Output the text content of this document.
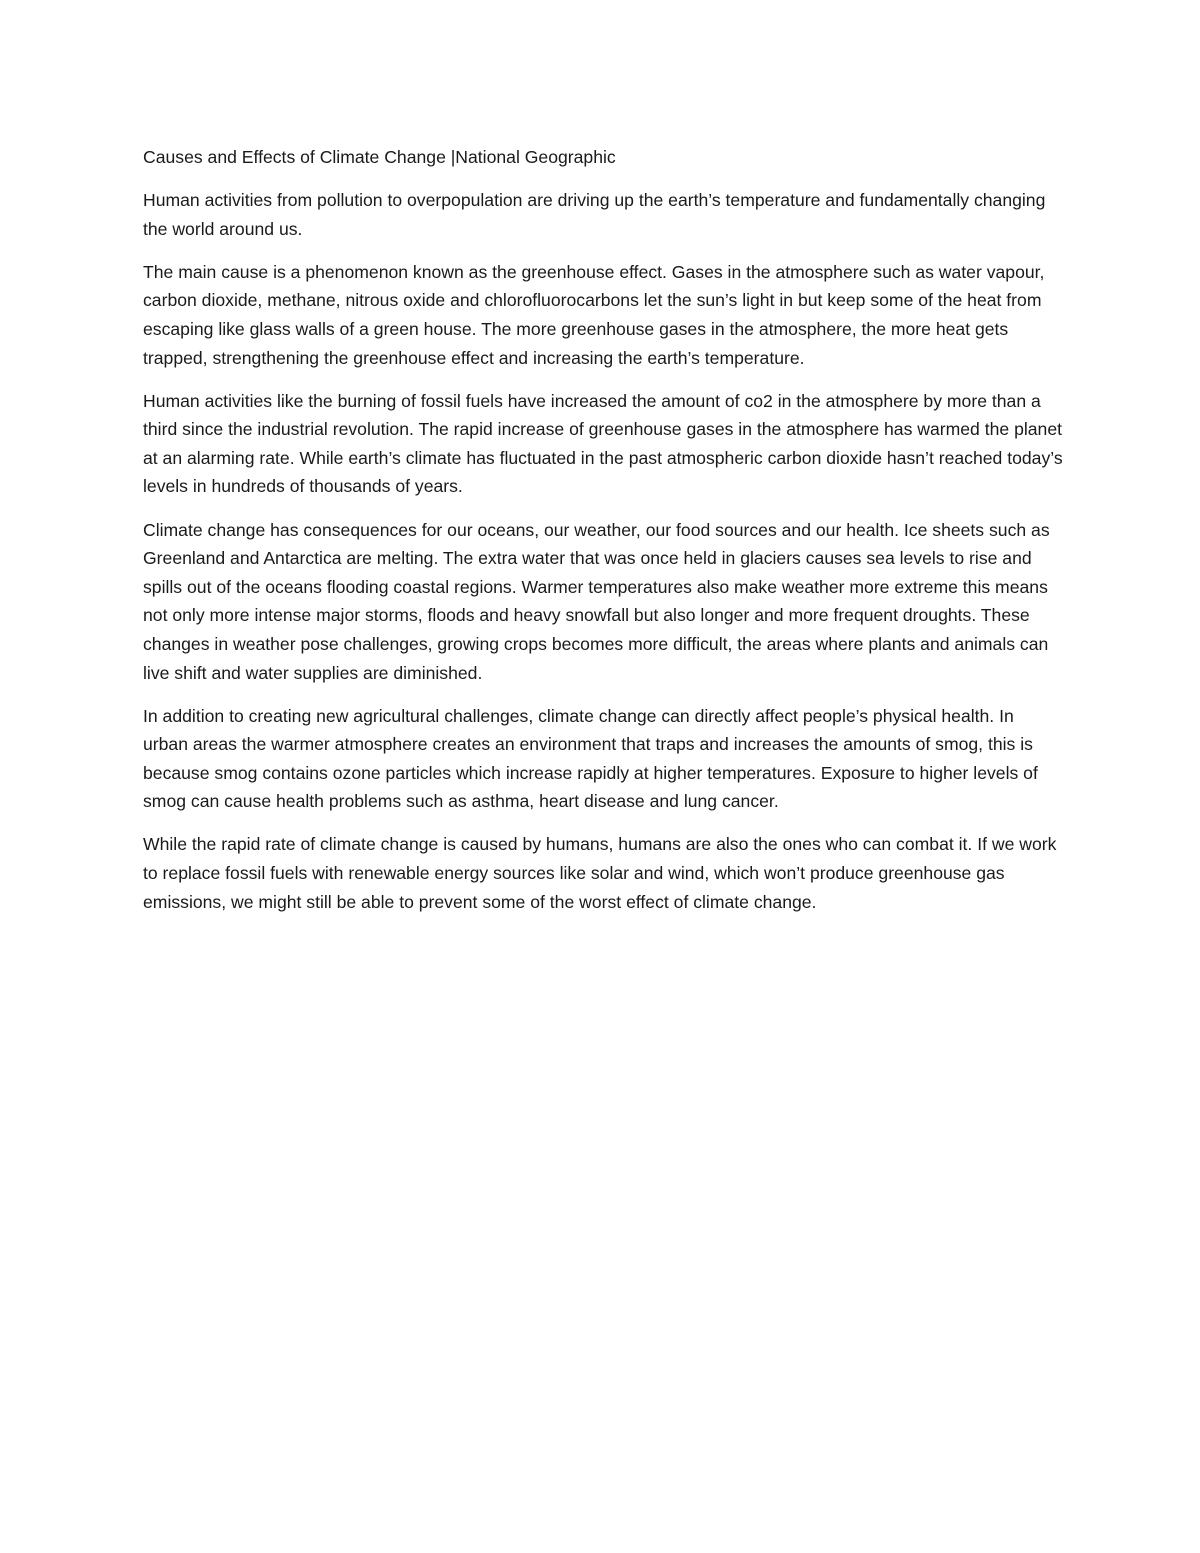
Causes and Effects of Climate Change |National Geographic

Human activities from pollution to overpopulation are driving up the earth’s temperature and fundamentally changing the world around us.

The main cause is a phenomenon known as the greenhouse effect. Gases in the atmosphere such as water vapour, carbon dioxide, methane, nitrous oxide and chlorofluorocarbons let the sun’s light in but keep some of the heat from escaping like glass walls of a green house. The more greenhouse gases in the atmosphere, the more heat gets trapped, strengthening the greenhouse effect and increasing the earth’s temperature.

Human activities like the burning of fossil fuels have increased the amount of co2 in the atmosphere by more than a third since the industrial revolution. The rapid increase of greenhouse gases in the atmosphere has warmed the planet at an alarming rate. While earth’s climate has fluctuated in the past atmospheric carbon dioxide hasn’t reached today’s levels in hundreds of thousands of years.

Climate change has consequences for our oceans, our weather, our food sources and our health. Ice sheets such as Greenland and Antarctica are melting. The extra water that was once held in glaciers causes sea levels to rise and spills out of the oceans flooding coastal regions. Warmer temperatures also make weather more extreme this means not only more intense major storms, floods and heavy snowfall but also longer and more frequent droughts. These changes in weather pose challenges, growing crops becomes more difficult, the areas where plants and animals can live shift and water supplies are diminished.

In addition to creating new agricultural challenges, climate change can directly affect people’s physical health. In urban areas the warmer atmosphere creates an environment that traps and increases the amounts of smog, this is because smog contains ozone particles which increase rapidly at higher temperatures. Exposure to higher levels of smog can cause health problems such as asthma, heart disease and lung cancer.

While the rapid rate of climate change is caused by humans, humans are also the ones who can combat it. If we work to replace fossil fuels with renewable energy sources like solar and wind, which won’t produce greenhouse gas emissions, we might still be able to prevent some of the worst effect of climate change.
